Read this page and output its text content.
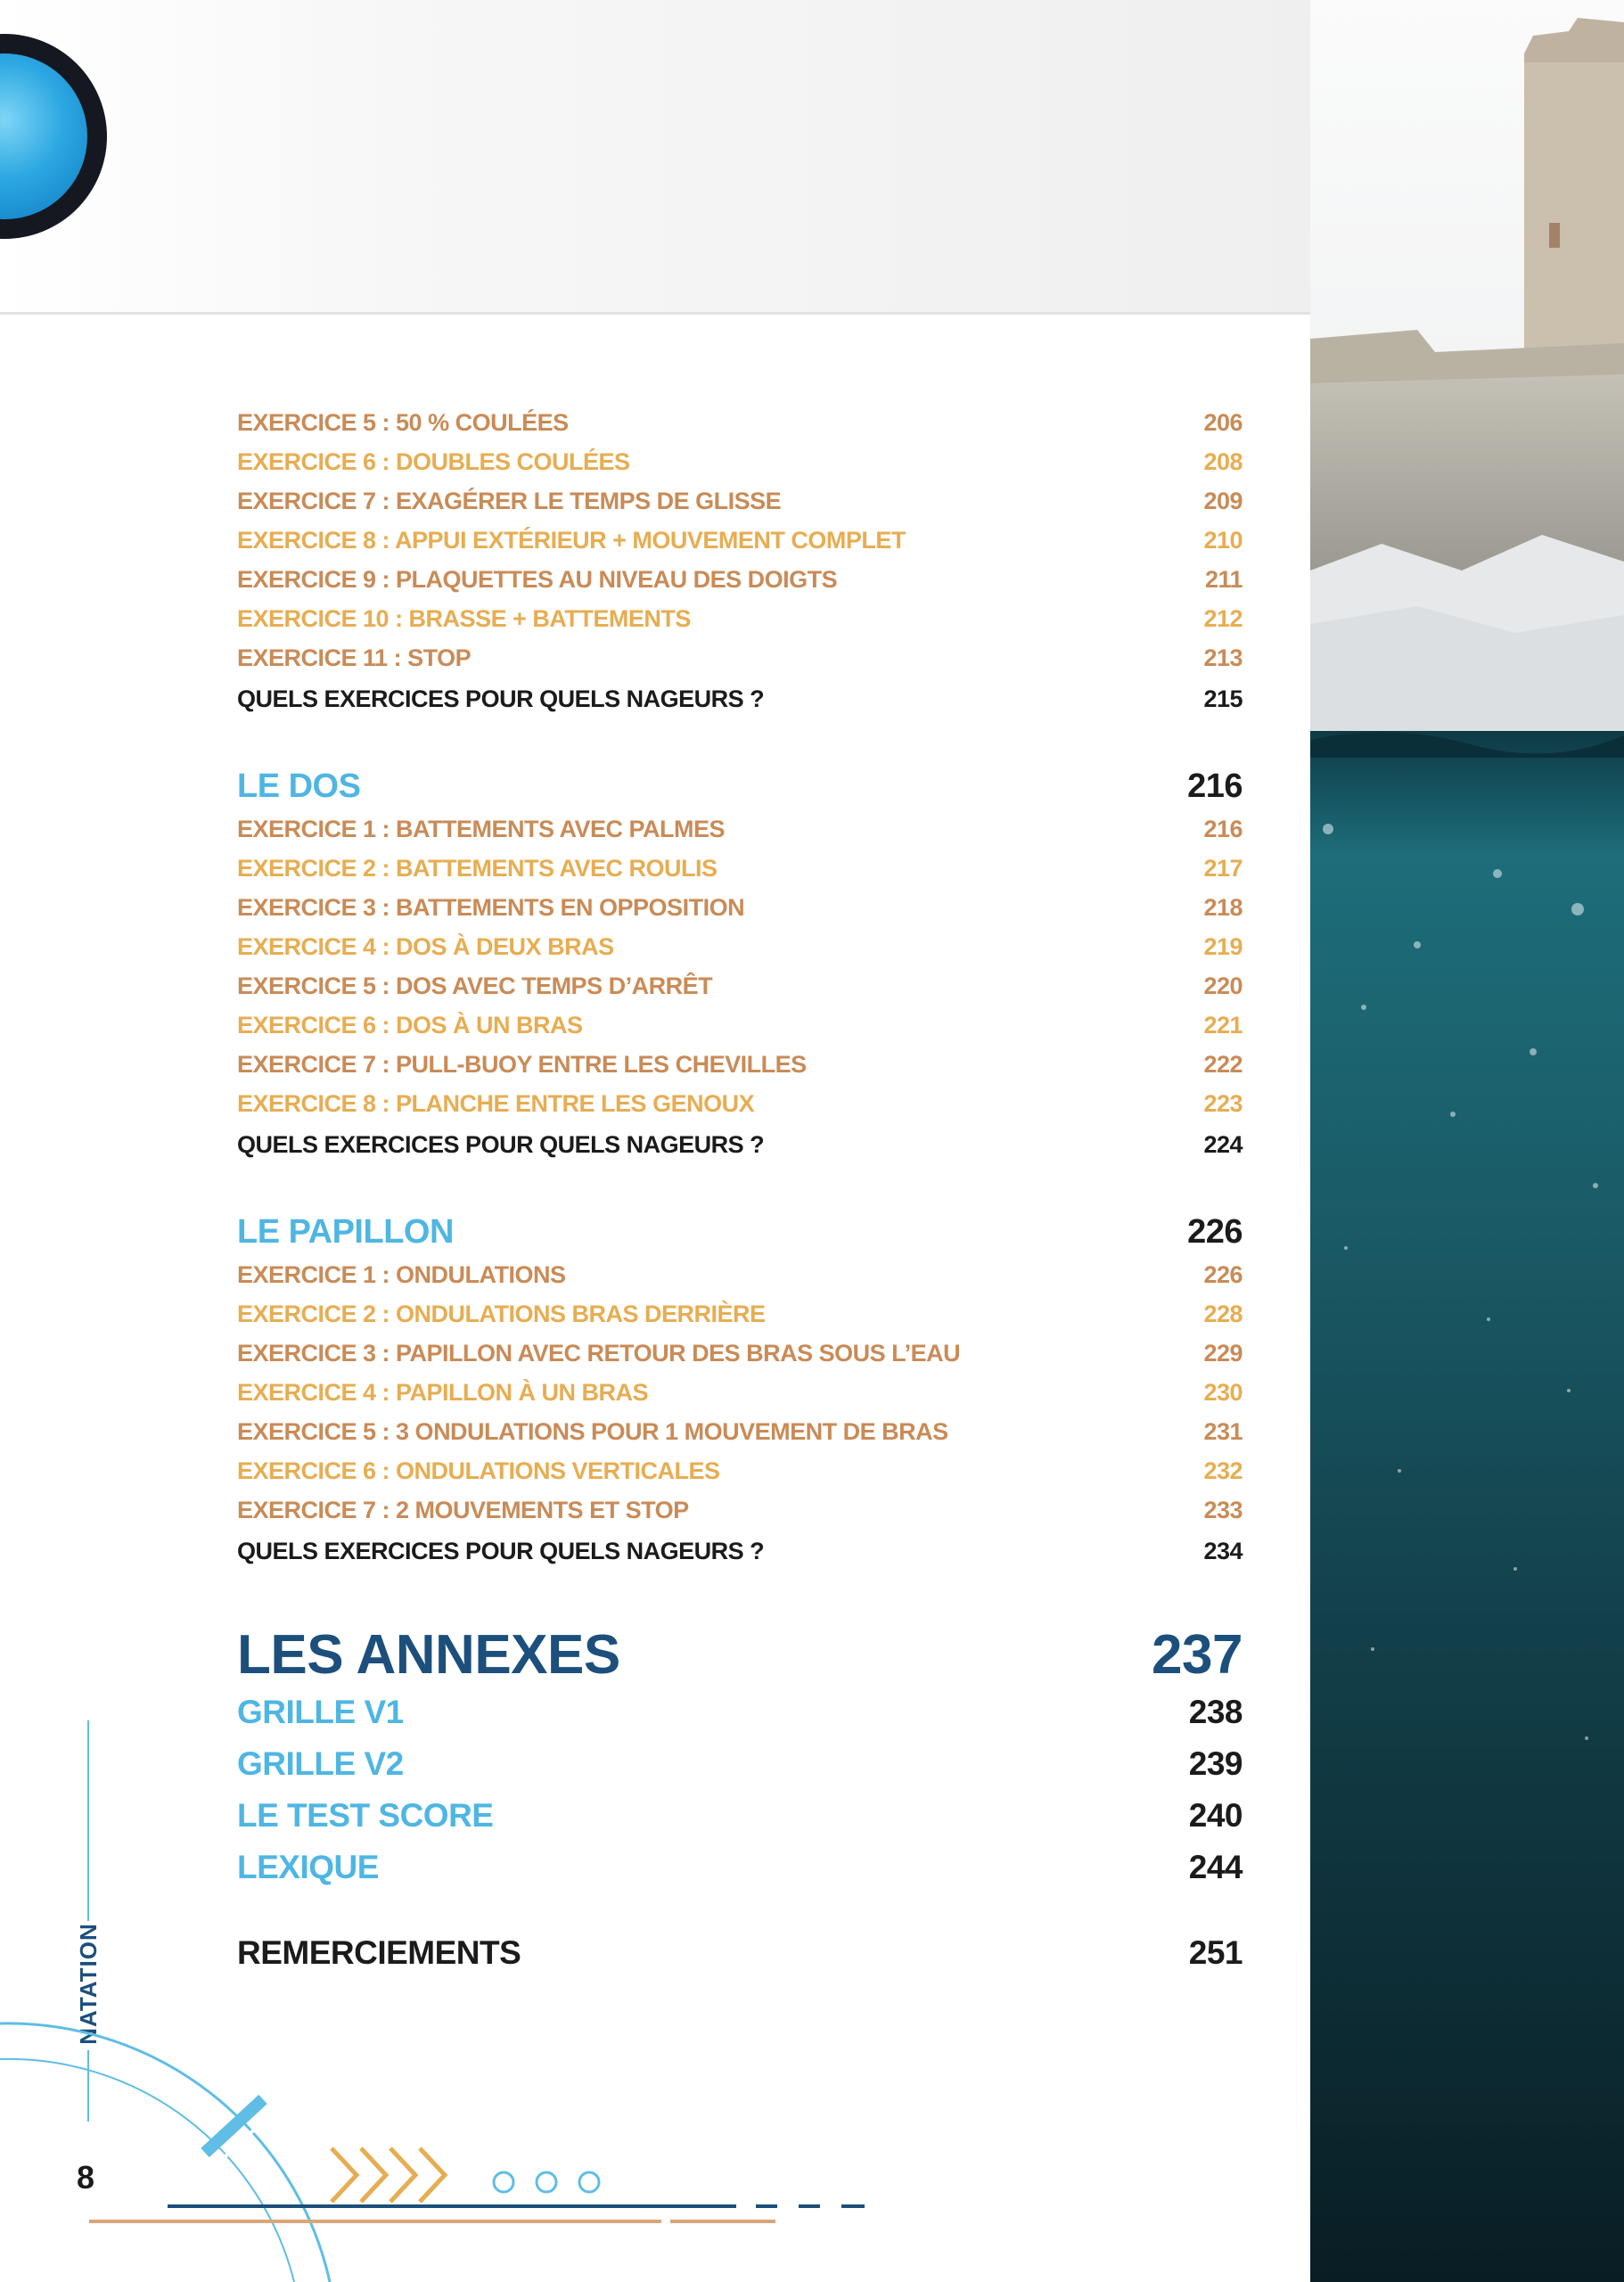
EXERCICE 5 : 50 % COULÉES	206
EXERCICE 6 : DOUBLES COULÉES	208
EXERCICE 7 : EXAGÉRER LE TEMPS DE GLISSE	209
EXERCICE 8 : APPUI EXTÉRIEUR + MOUVEMENT COMPLET	210
EXERCICE 9 : PLAQUETTES AU NIVEAU DES DOIGTS	211
EXERCICE 10 : BRASSE + BATTEMENTS	212
EXERCICE 11 : STOP	213
QUELS EXERCICES POUR QUELS NAGEURS ?	215
LE DOS	216
EXERCICE 1 : BATTEMENTS AVEC PALMES	216
EXERCICE 2 : BATTEMENTS AVEC ROULIS	217
EXERCICE 3 : BATTEMENTS EN OPPOSITION	218
EXERCICE 4 : DOS À DEUX BRAS	219
EXERCICE 5 : DOS AVEC TEMPS D’ARRÊT	220
EXERCICE 6 : DOS À UN BRAS	221
EXERCICE 7 : PULL-BUOY ENTRE LES CHEVILLES	222
EXERCICE 8 : PLANCHE ENTRE LES GENOUX	223
QUELS EXERCICES POUR QUELS NAGEURS ?	224
LE PAPILLON	226
EXERCICE 1 : ONDULATIONS	226
EXERCICE 2 : ONDULATIONS BRAS DERRIÈRE	228
EXERCICE 3 : PAPILLON AVEC RETOUR DES BRAS SOUS L’EAU	229
EXERCICE 4 : PAPILLON À UN BRAS	230
EXERCICE 5 : 3 ONDULATIONS POUR 1 MOUVEMENT DE BRAS	231
EXERCICE 6 : ONDULATIONS VERTICALES	232
EXERCICE 7 : 2 MOUVEMENTS ET STOP	233
QUELS EXERCICES POUR QUELS NAGEURS ?	234
LES ANNEXES	237
GRILLE V1	238
GRILLE V2	239
LE TEST SCORE	240
LEXIQUE	244
REMERCIEMENTS	251
NATATION
8
